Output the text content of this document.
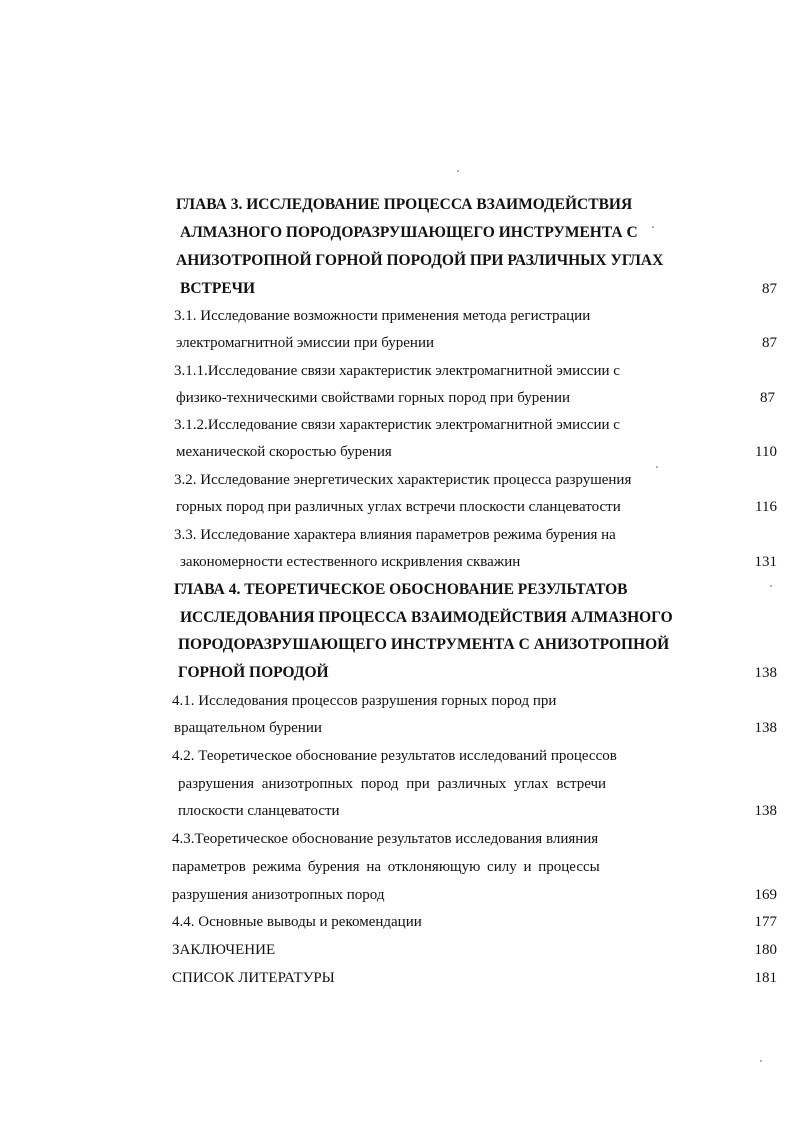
ГЛАВА 3. ИССЛЕДОВАНИЕ ПРОЦЕССА ВЗАИМОДЕЙСТВИЯ
АЛМАЗНОГО ПОРОДОРАЗРУШАЮЩЕГО ИНСТРУМЕНТА С
АНИЗОТРОПНОЙ ГОРНОЙ ПОРОДОЙ ПРИ РАЗЛИЧНЫХ УГЛАХ
ВСТРЕЧИ	87
3.1. Исследование возможности применения метода регистрации
электромагнитной эмиссии при бурении	87
3.1.1.Исследование связи характеристик электромагнитной эмиссии с
физико-техническими свойствами горных пород при бурении	87
3.1.2.Исследование связи характеристик электромагнитной эмиссии с
механической скоростью бурения	110
3.2. Исследование энергетических характеристик процесса разрушения
горных пород при различных углах встречи плоскости сланцеватости	116
3.3. Исследование характера влияния параметров режима бурения на
закономерности естественного искривления скважин	131
ГЛАВА 4. ТЕОРЕТИЧЕСКОЕ ОБОСНОВАНИЕ РЕЗУЛЬТАТОВ
ИССЛЕДОВАНИЯ ПРОЦЕССА ВЗАИМОДЕЙСТВИЯ АЛМАЗНОГО
ПОРОДОРАЗРУШАЮЩЕГО ИНСТРУМЕНТА С АНИЗОТРОПНОЙ
ГОРНОЙ ПОРОДОЙ	138
4.1. Исследования процессов разрушения горных пород при
вращательном бурении	138
4.2. Теоретическое обоснование результатов исследований процессов
разрушения анизотропных пород при различных углах встречи
плоскости сланцеватости	138
4.3.Теоретическое обоснование результатов исследования влияния
параметров режима бурения на отклоняющую силу и процессы
разрушения анизотропных пород	169
4.4. Основные выводы и рекомендации	177
ЗАКЛЮЧЕНИЕ	180
СПИСОК ЛИТЕРАТУРЫ	181
